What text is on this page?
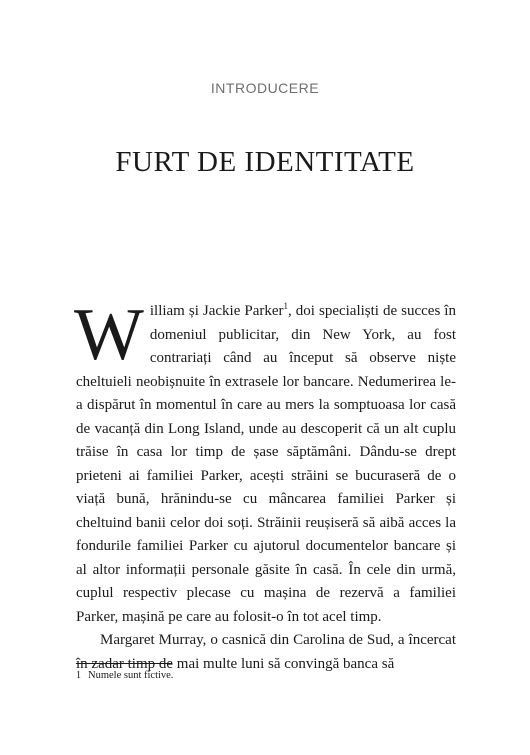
INTRODUCERE
FURT DE IDENTITATE

William și Jackie Parker$^1$, doi specialiști de succes în domeniul publicitar, din New York, au fost contrariați când au început să observe niște cheltuieli neobișnuite în extrasele lor bancare. Nedumerirea le-a dispărut în momentul în care au mers la somptuoasa lor casă de vacanță din Long Island, unde au descoperit că un alt cuplu trăise în casa lor timp de șase săptămâni. Dându-se drept prieteni ai familiei Parker, acești străini se bucuraseră de o viață bună, hrănindu-se cu mâncarea familiei Parker și cheltuind banii celor doi soți. Străinii reușiseră să aibă acces la fondurile familiei Parker cu ajutorul documentelor bancare și al altor informații personale găsite în casă. În cele din urmă, cuplul respectiv plecase cu mașina de rezervă a familiei Parker, mașină pe care au folosit-o în tot acel timp.

Margaret Murray, o casnică din Carolina de Sud, a încercat în zadar timp de mai multe luni să convingă banca să

1 Numele sunt fictive.
